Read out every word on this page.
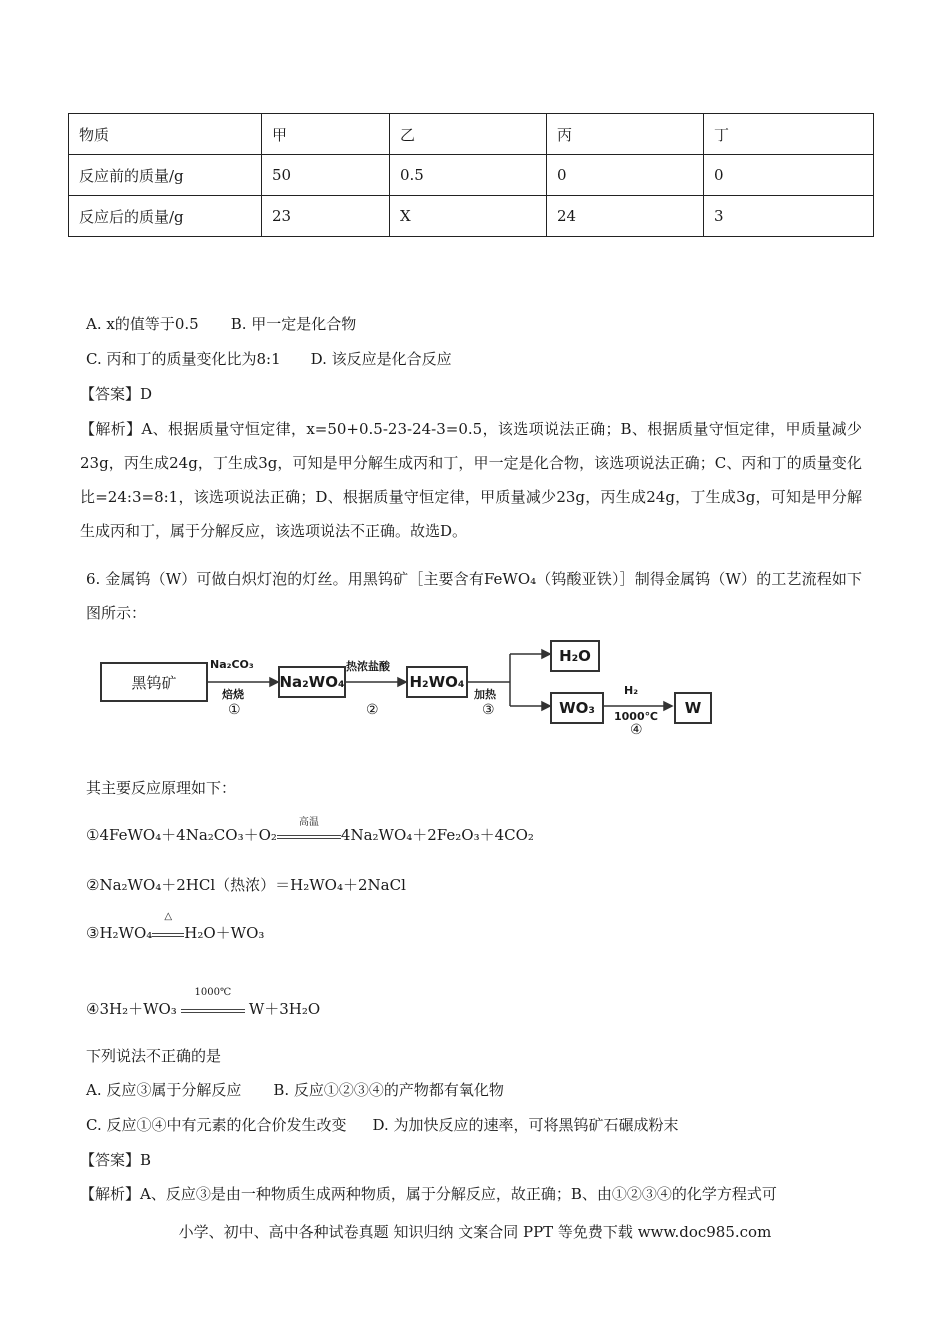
物质	甲	乙	丙	丁
反应前的质量/g	50	0.5	0	0
反应后的质量/g	23	X	24	3
A. x的值等于0.5 B. 甲一定是化合物
C. 丙和丁的质量变化比为8:1 D. 该反应是化合反应
【答案】D
【解析】A、根据质量守恒定律，x=50+0.5-23-24-3=0.5，该选项说法正确；B、根据质量守恒定律，甲质量减少23g，丙生成24g，丁生成3g，可知是甲分解生成丙和丁，甲一定是化合物，该选项说法正确；C、丙和丁的质量变化比=24:3=8:1，该选项说法正确；D、根据质量守恒定律，甲质量减少23g，丙生成24g，丁生成3g，可知是甲分解生成丙和丁，属于分解反应，该选项说法不正确。故选D。
6. 金属钨（W）可做白炽灯泡的灯丝。用黑钨矿［主要含有FeWO₄（钨酸亚铁）］制得金属钨（W）的工艺流程如下图所示：
黑钨矿	Na₂WO₄	H₂WO₄
H₂O
WO₃	W
Na₂CO₃
焙烧
①
热浓盐酸
②
加热
③
H₂
1000℃
④
其主要反应原理如下：
①4FeWO₄＋4Na₂CO₃＋O₂
高温
4Na₂WO₄＋2Fe₂O₃＋4CO₂
②Na₂WO₄＋2HCl（热浓）＝H₂WO₄＋2NaCl
③H₂WO₄
△
H₂O＋WO₃
④3H₂＋WO₃
1000℃
W＋3H₂O
下列说法不正确的是
A. 反应③属于分解反应 B. 反应①②③④的产物都有氧化物
C. 反应①④中有元素的化合价发生改变 D. 为加快反应的速率，可将黑钨矿石碾成粉末
【答案】B
【解析】A、反应③是由一种物质生成两种物质，属于分解反应，故正确；B、由①②③④的化学方程式可
小学、初中、高中各种试卷真题 知识归纳 文案合同 PPT 等免费下载 www.doc985.com
